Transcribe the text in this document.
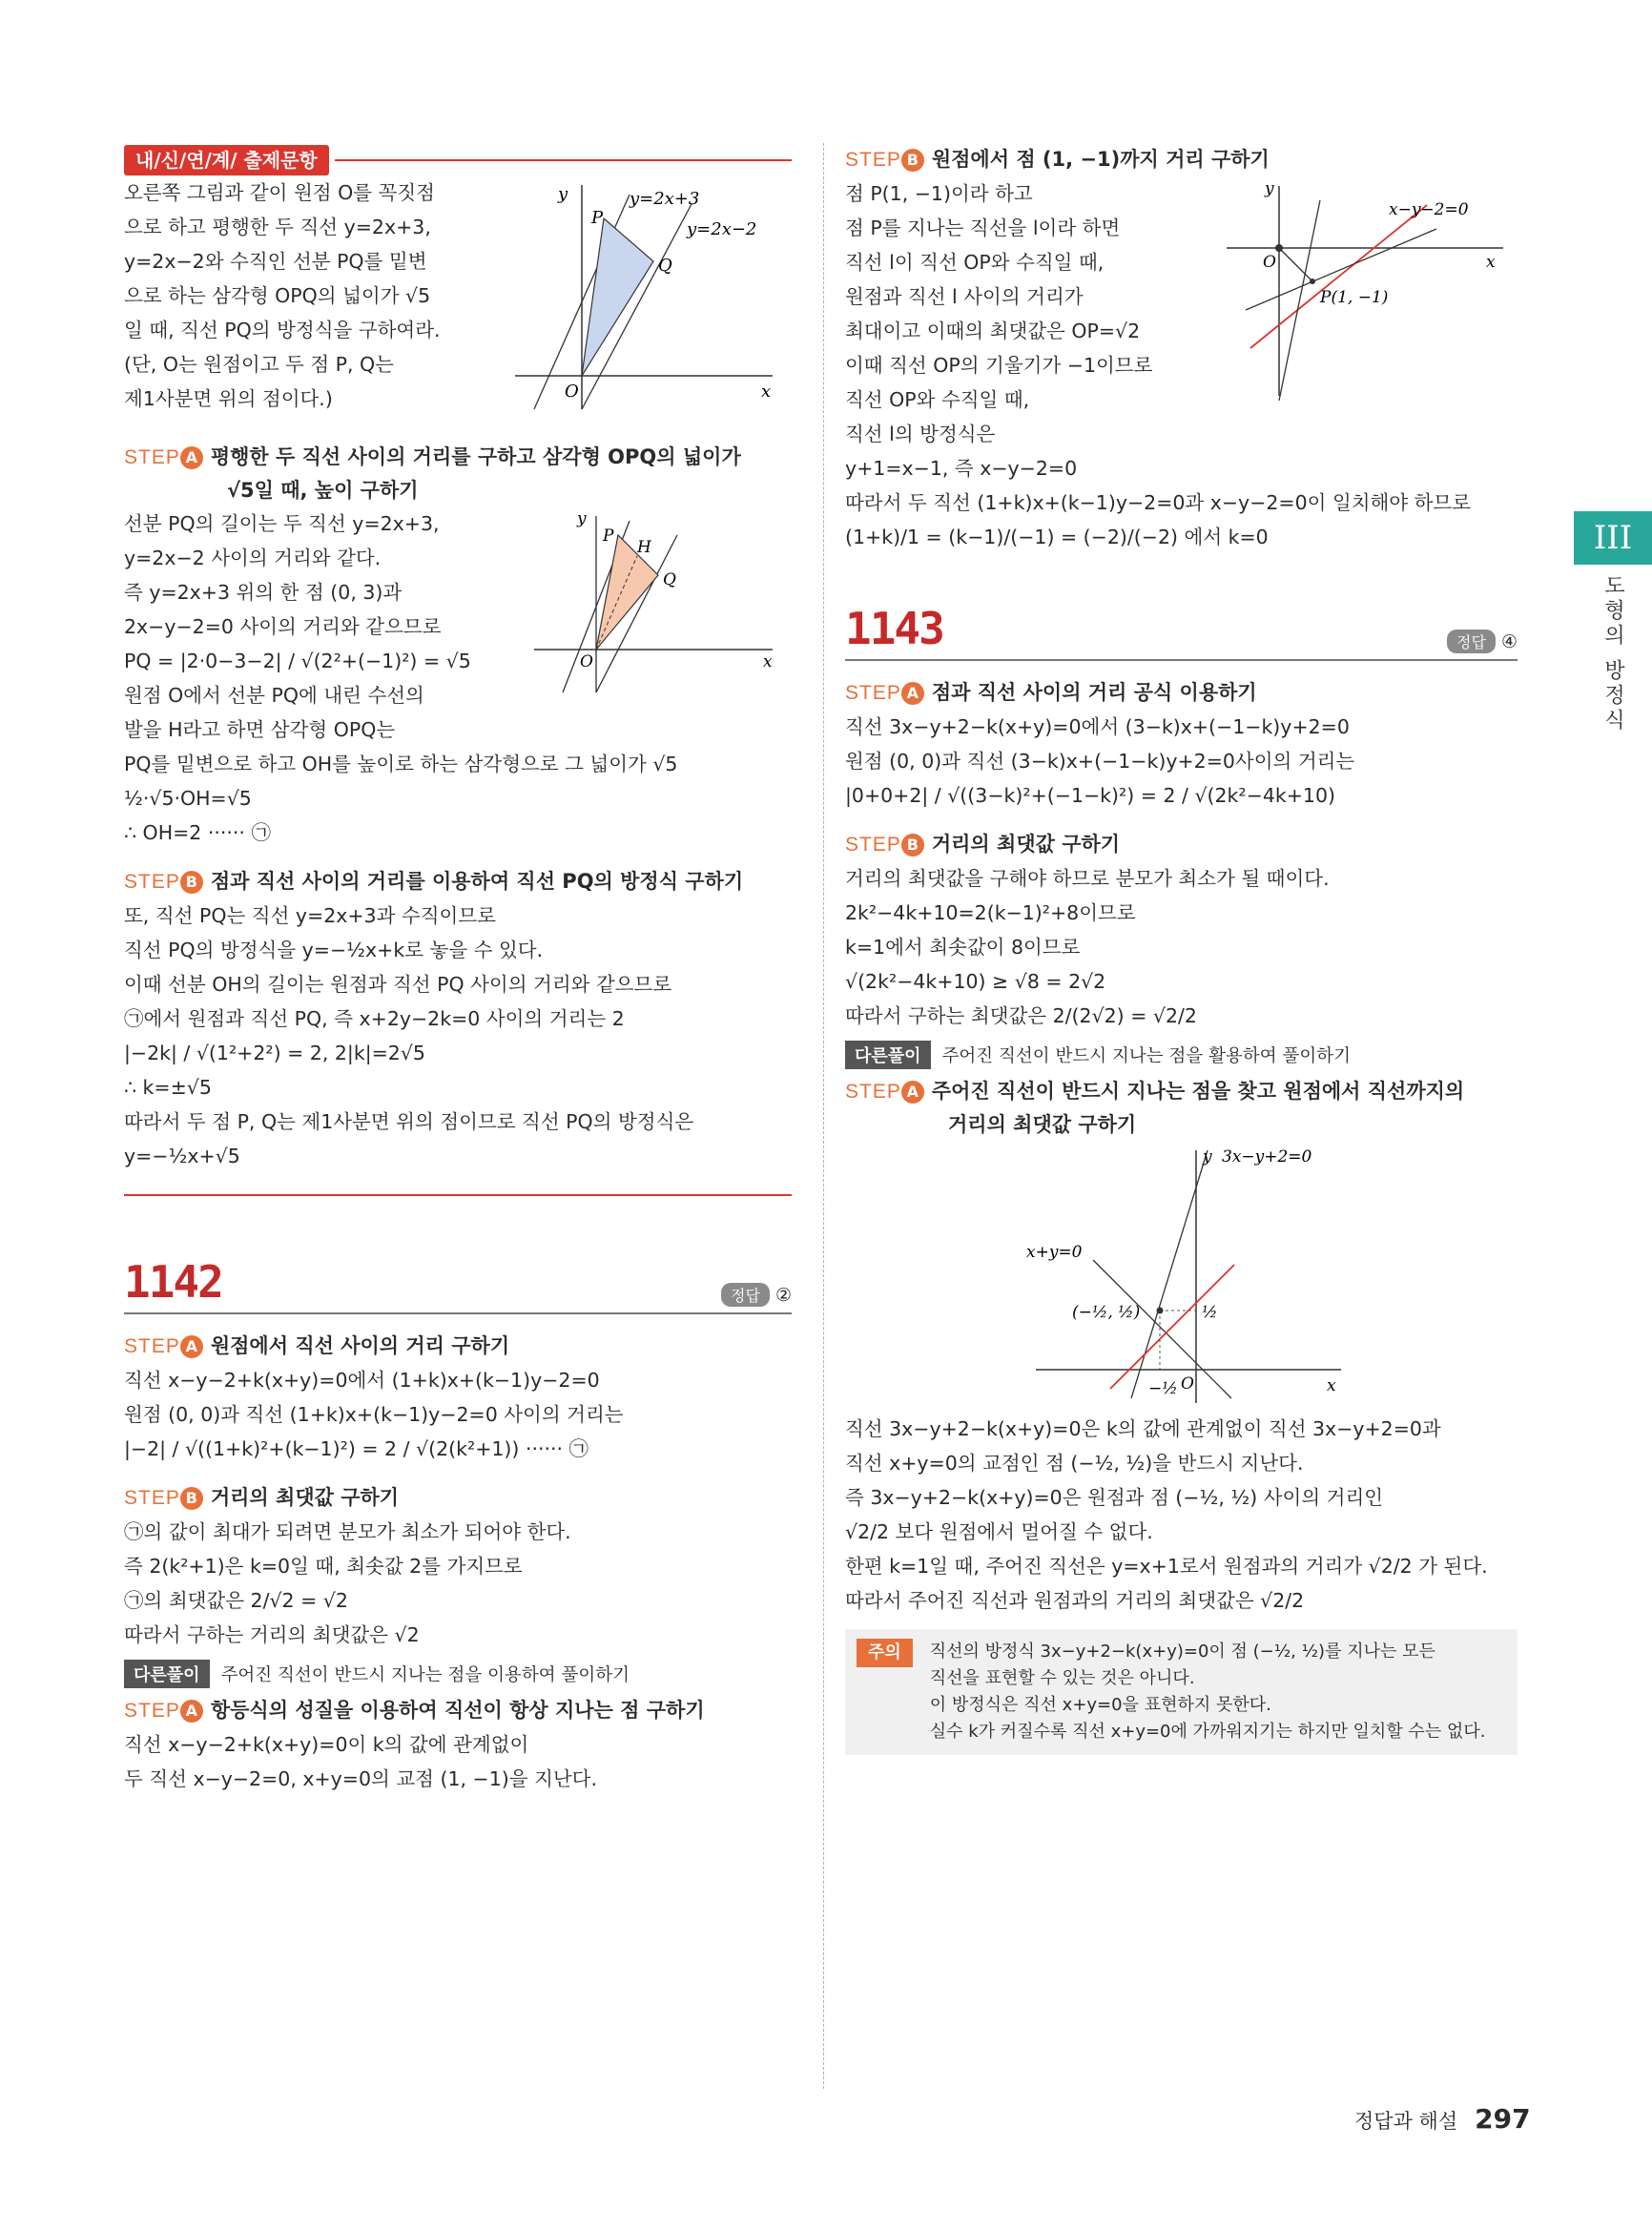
내/신/연/계/ 출제문항
오른쪽 그림과 같이 원점 O를 꼭짓점
으로 하고 평행한 두 직선 y=2x+3,
y=2x−2와 수직인 선분 PQ를 밑변
으로 하는 삼각형 OPQ의 넓이가 √5
일 때, 직선 PQ의 방정식을 구하여라.
(단, O는 원점이고 두 점 P, Q는
제1사분면 위의 점이다.)
y
x
O
P
Q
y=2x+3
y=2x−2
STEP A 평행한 두 직선 사이의 거리를 구하고 삼각형 OPQ의 넓이가
√5일 때, 높이 구하기
선분 PQ의 길이는 두 직선 y=2x+3,
y=2x−2 사이의 거리와 같다.
즉 y=2x+3 위의 한 점 (0, 3)과
2x−y−2=0 사이의 거리와 같으므로
PQ = |2·0−3−2| / √(2²+(−1)²) = √5
원점 O에서 선분 PQ에 내린 수선의
발을 H라고 하면 삼각형 OPQ는
y
x
O
P
H
Q
PQ를 밑변으로 하고 OH를 높이로 하는 삼각형으로 그 넓이가 √5
½·√5·OH=√5
∴ OH=2 ······ ㉠
STEP B 점과 직선 사이의 거리를 이용하여 직선 PQ의 방정식 구하기
또, 직선 PQ는 직선 y=2x+3과 수직이므로
직선 PQ의 방정식을 y=−½x+k로 놓을 수 있다.
이때 선분 OH의 길이는 원점과 직선 PQ 사이의 거리와 같으므로
㉠에서 원점과 직선 PQ, 즉 x+2y−2k=0 사이의 거리는 2
|−2k| / √(1²+2²) = 2, 2|k|=2√5
∴ k=±√5
따라서 두 점 P, Q는 제1사분면 위의 점이므로 직선 PQ의 방정식은
y=−½x+√5
1142	정답 ②
STEP A 원점에서 직선 사이의 거리 구하기
직선 x−y−2+k(x+y)=0에서 (1+k)x+(k−1)y−2=0
원점 (0, 0)과 직선 (1+k)x+(k−1)y−2=0 사이의 거리는
|−2| / √((1+k)²+(k−1)²) = 2 / √(2(k²+1)) ······ ㉠
STEP B 거리의 최댓값 구하기
㉠의 값이 최대가 되려면 분모가 최소가 되어야 한다.
즉 2(k²+1)은 k=0일 때, 최솟값 2를 가지므로
㉠의 최댓값은 2/√2 = √2
따라서 구하는 거리의 최댓값은 √2
다른풀이	주어진 직선이 반드시 지나는 점을 이용하여 풀이하기
STEP A 항등식의 성질을 이용하여 직선이 항상 지나는 점 구하기
직선 x−y−2+k(x+y)=0이 k의 값에 관계없이
두 직선 x−y−2=0, x+y=0의 교점 (1, −1)을 지난다.
STEP B 원점에서 점 (1, −1)까지 거리 구하기
점 P(1, −1)이라 하고
점 P를 지나는 직선을 l이라 하면
직선 l이 직선 OP와 수직일 때,
원점과 직선 l 사이의 거리가
최대이고 이때의 최댓값은 OP=√2
이때 직선 OP의 기울기가 −1이므로
직선 OP와 수직일 때,
직선 l의 방정식은
y+1=x−1, 즉 x−y−2=0
y
x
O
P(1, −1)
x−y−2=0
따라서 두 직선 (1+k)x+(k−1)y−2=0과 x−y−2=0이 일치해야 하므로
(1+k)/1 = (k−1)/(−1) = (−2)/(−2) 에서 k=0
1143	정답 ④
STEP A 점과 직선 사이의 거리 공식 이용하기
직선 3x−y+2−k(x+y)=0에서 (3−k)x+(−1−k)y+2=0
원점 (0, 0)과 직선 (3−k)x+(−1−k)y+2=0사이의 거리는
|0+0+2| / √((3−k)²+(−1−k)²) = 2 / √(2k²−4k+10)
STEP B 거리의 최댓값 구하기
거리의 최댓값을 구해야 하므로 분모가 최소가 될 때이다.
2k²−4k+10=2(k−1)²+8이므로
k=1에서 최솟값이 8이므로
√(2k²−4k+10) ≥ √8 = 2√2
따라서 구하는 최댓값은 2/(2√2) = √2/2
다른풀이	주어진 직선이 반드시 지나는 점을 활용하여 풀이하기
STEP A 주어진 직선이 반드시 지나는 점을 찾고 원점에서 직선까지의
거리의 최댓값 구하기
y 3x−y+2=0
x+y=0
(−½, ½)	½
−½ O	x
직선 3x−y+2−k(x+y)=0은 k의 값에 관계없이 직선 3x−y+2=0과
직선 x+y=0의 교점인 점 (−½, ½)을 반드시 지난다.
즉 3x−y+2−k(x+y)=0은 원점과 점 (−½, ½) 사이의 거리인
√2/2 보다 원점에서 멀어질 수 없다.
한편 k=1일 때, 주어진 직선은 y=x+1로서 원점과의 거리가 √2/2 가 된다.
따라서 주어진 직선과 원점과의 거리의 최댓값은 √2/2
주의	직선의 방정식 3x−y+2−k(x+y)=0이 점 (−½, ½)를 지나는 모든
직선을 표현할 수 있는 것은 아니다.
이 방정식은 직선 x+y=0을 표현하지 못한다.
실수 k가 커질수록 직선 x+y=0에 가까워지기는 하지만 일치할 수는 없다.
III
도형의 방정식
정답과 해설 297
